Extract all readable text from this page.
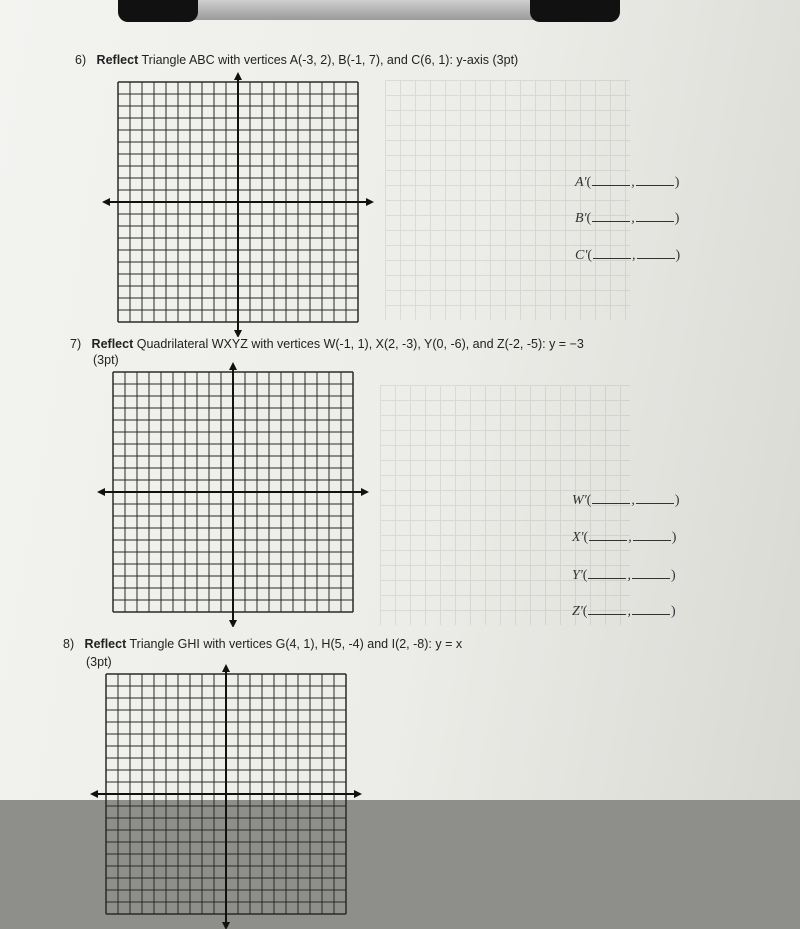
6) Reflect Triangle ABC with vertices A(-3, 2), B(-1, 7), and C(6, 1): y-axis (3pt)
A'(	,	)
B'(	,	)
C'(	,	)
7) Reflect Quadrilateral WXYZ with vertices W(-1, 1), X(2, -3), Y(0, -6), and Z(-2, -5): y = −3
(3pt)
W'(	,	)
X'(	,	)
Y'(	,	)
Z'(	,	)
8) Reflect Triangle GHI with vertices G(4, 1), H(5, -4) and I(2, -8): y = x
(3pt)
